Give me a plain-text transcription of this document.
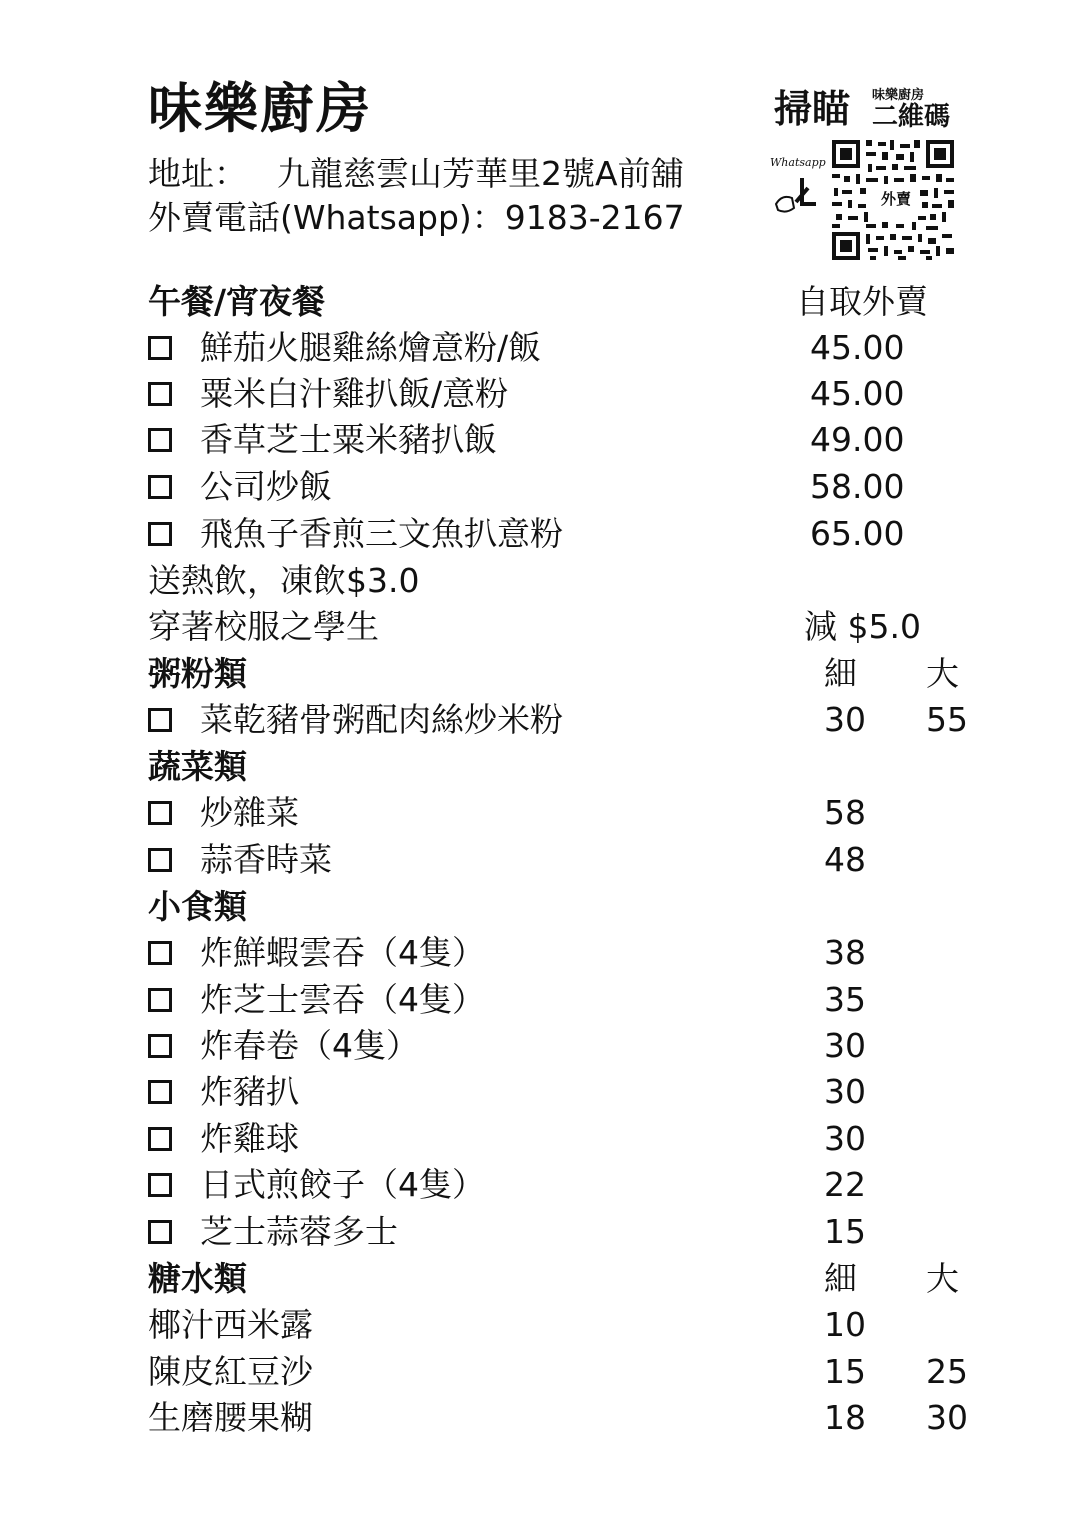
味樂廚房
地址： 九龍慈雲山芳華里2號A前舖
外賣電話(Whatsapp)：9183-2167
掃瞄 味樂廚房
二維碼
Whatsapp
外賣
午餐/宵夜餐	自取外賣
鮮茄火腿雞絲燴意粉/飯	45.00
粟米白汁雞扒飯/意粉	45.00
香草芝士粟米豬扒飯	49.00
公司炒飯	58.00
飛魚子香煎三文魚扒意粉	65.00
送熱飲，凍飲$3.0
穿著校服之學生	減 $5.0
粥粉類	細 大
菜乾豬骨粥配肉絲炒米粉	30 55
蔬菜類
炒雜菜	58
蒜香時菜	48
小食類
炸鮮蝦雲吞（4隻）	38
炸芝士雲吞（4隻）	35
炸春卷（4隻）	30
炸豬扒	30
炸雞球	30
日式煎餃子（4隻）	22
芝士蒜蓉多士	15
糖水類	細 大
椰汁西米露	10
陳皮紅豆沙	15 25
生磨腰果糊	18 30
